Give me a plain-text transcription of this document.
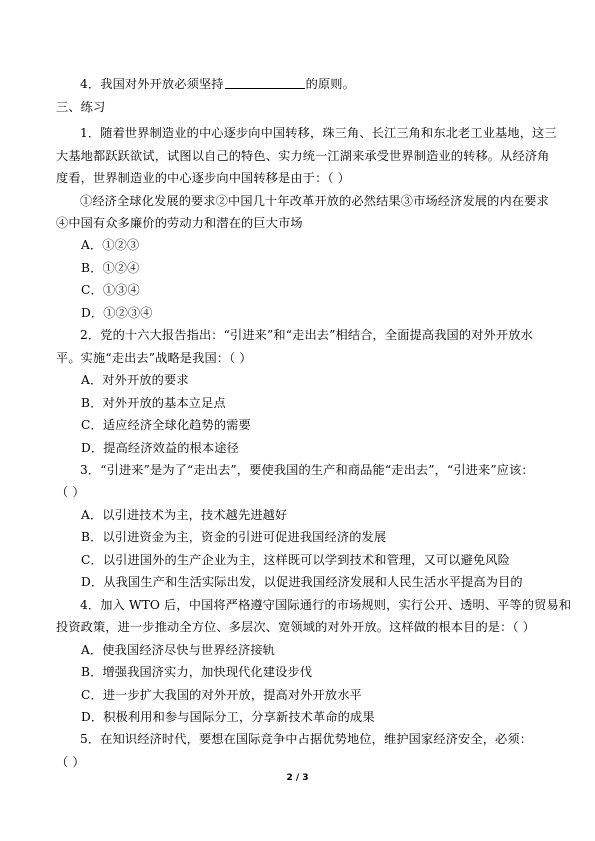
4．我国对外开放必须坚持	的原则。
三、练习
1．随着世界制造业的中心逐步向中国转移，珠三角、长江三角和东北老工业基地，这三
大基地都跃跃欲试，试图以自己的特色、实力统一江湖来承受世界制造业的转移。从经济角
度看，世界制造业的中心逐步向中国转移是由于：（ ）
①经济全球化发展的要求②中国几十年改革开放的必然结果③市场经济发展的内在要求
④中国有众多廉价的劳动力和潜在的巨大市场
A．①②③
B．①②④
C．①③④
D．①②③④
2．党的十六大报告指出：“引进来”和“走出去”相结合，全面提高我国的对外开放水
平。实施“走出去”战略是我国：（ ）
A．对外开放的要求
B．对外开放的基本立足点
C．适应经济全球化趋势的需要
D．提高经济效益的根本途径
3．“引进来”是为了“走出去”，要使我国的生产和商品能“走出去”，“引进来”应该：
（ ）
A．以引进技术为主，技术越先进越好
B．以引进资金为主，资金的引进可促进我国经济的发展
C．以引进国外的生产企业为主，这样既可以学到技术和管理，又可以避免风险
D．从我国生产和生活实际出发，以促进我国经济发展和人民生活水平提高为目的
4．加入 WTO 后，中国将严格遵守国际通行的市场规则，实行公开、透明、平等的贸易和
投资政策，进一步推动全方位、多层次、宽领域的对外开放。这样做的根本目的是：（ ）
A．使我国经济尽快与世界经济接轨
B．增强我国济实力，加快现代化建设步伐
C．进一步扩大我国的对外开放，提高对外开放水平
D．积极利用和参与国际分工，分享新技术革命的成果
5．在知识经济时代，要想在国际竞争中占据优势地位，维护国家经济安全，必须：
（ ）
2 / 3
